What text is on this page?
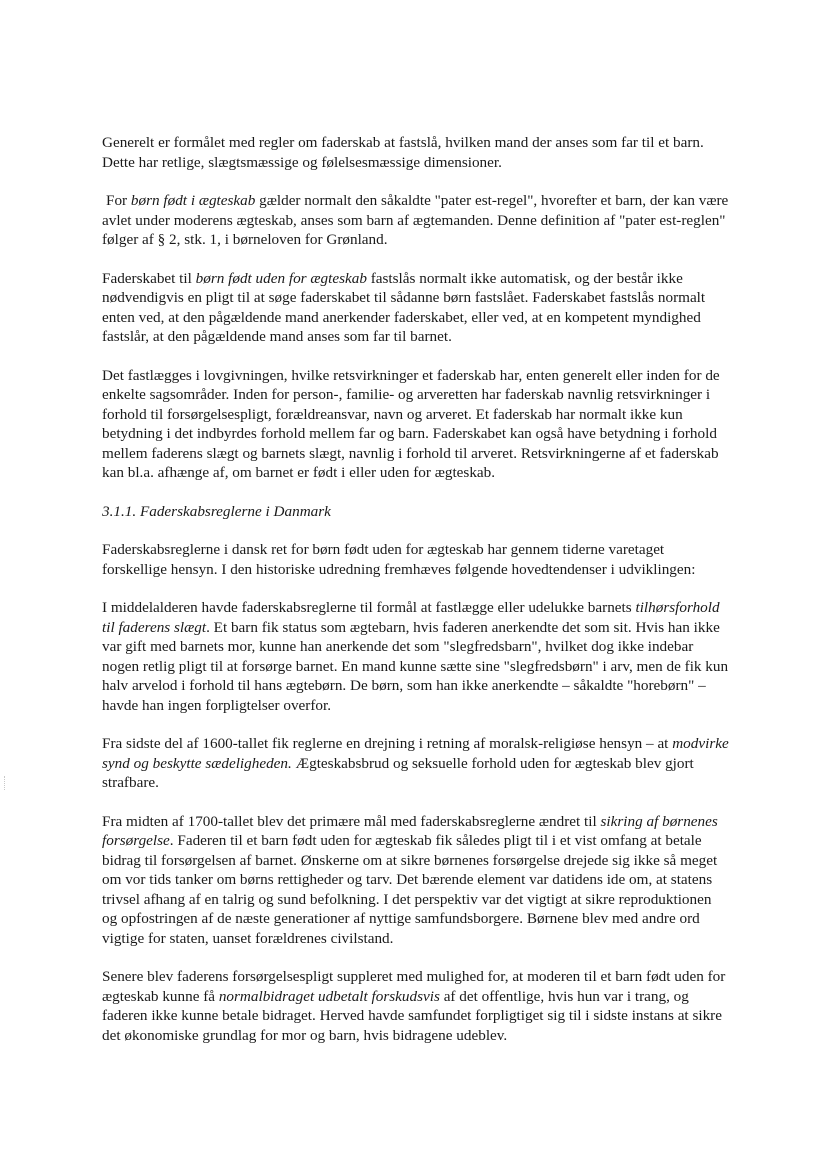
Generelt er formålet med regler om faderskab at fastslå, hvilken mand der anses som far til et barn. Dette har retlige, slægtsmæssige og følelsesmæssige dimensioner.

For børn født i ægteskab gælder normalt den såkaldte "pater est-regel", hvorefter et barn, der kan være avlet under moderens ægteskab, anses som barn af ægtemanden. Denne definition af "pater est-reglen" følger af § 2, stk. 1, i børneloven for Grønland.

Faderskabet til børn født uden for ægteskab fastslås normalt ikke automatisk, og der består ikke nødvendigvis en pligt til at søge faderskabet til sådanne børn fastslået. Faderskabet fastslås normalt enten ved, at den pågældende mand anerkender faderskabet, eller ved, at en kompetent myndighed fastslår, at den pågældende mand anses som far til barnet.

Det fastlægges i lovgivningen, hvilke retsvirkninger et faderskab har, enten generelt eller inden for de enkelte sagsområder. Inden for person-, familie- og arveretten har faderskab navnlig retsvirkninger i forhold til forsørgelsespligt, forældreansvar, navn og arveret. Et faderskab har normalt ikke kun betydning i det indbyrdes forhold mellem far og barn. Faderskabet kan også have betydning i forhold mellem faderens slægt og barnets slægt, navnlig i forhold til arveret. Retsvirkningerne af et faderskab kan bl.a. afhænge af, om barnet er født i eller uden for ægteskab.

3.1.1. Faderskabsreglerne i Danmark

Faderskabsreglerne i dansk ret for børn født uden for ægteskab har gennem tiderne varetaget forskellige hensyn. I den historiske udredning fremhæves følgende hovedtendenser i udviklingen:

I middelalderen havde faderskabsreglerne til formål at fastlægge eller udelukke barnets tilhørsforhold til faderens slægt. Et barn fik status som ægtebarn, hvis faderen anerkendte det som sit. Hvis han ikke var gift med barnets mor, kunne han anerkende det som "slegfredsbarn", hvilket dog ikke indebar nogen retlig pligt til at forsørge barnet. En mand kunne sætte sine "slegfredsbørn" i arv, men de fik kun halv arvelod i forhold til hans ægtebørn. De børn, som han ikke anerkendte – såkaldte "horebørn" – havde han ingen forpligtelser overfor.

Fra sidste del af 1600-tallet fik reglerne en drejning i retning af moralsk-religiøse hensyn – at modvirke synd og beskytte sædeligheden. Ægteskabsbrud og seksuelle forhold uden for ægteskab blev gjort strafbare.

Fra midten af 1700-tallet blev det primære mål med faderskabsreglerne ændret til sikring af børnenes forsørgelse. Faderen til et barn født uden for ægteskab fik således pligt til i et vist omfang at betale bidrag til forsørgelsen af barnet. Ønskerne om at sikre børnenes forsørgelse drejede sig ikke så meget om vor tids tanker om børns rettigheder og tarv. Det bærende element var datidens ide om, at statens trivsel afhang af en talrig og sund befolkning. I det perspektiv var det vigtigt at sikre reproduktionen og opfostringen af de næste generationer af nyttige samfundsborgere. Børnene blev med andre ord vigtige for staten, uanset forældrenes civilstand.

Senere blev faderens forsørgelsespligt suppleret med mulighed for, at moderen til et barn født uden for ægteskab kunne få normalbidraget udbetalt forskudsvis af det offentlige, hvis hun var i trang, og faderen ikke kunne betale bidraget. Herved havde samfundet forpligtiget sig til i sidste instans at sikre det økonomiske grundlag for mor og barn, hvis bidragene udeblev.
